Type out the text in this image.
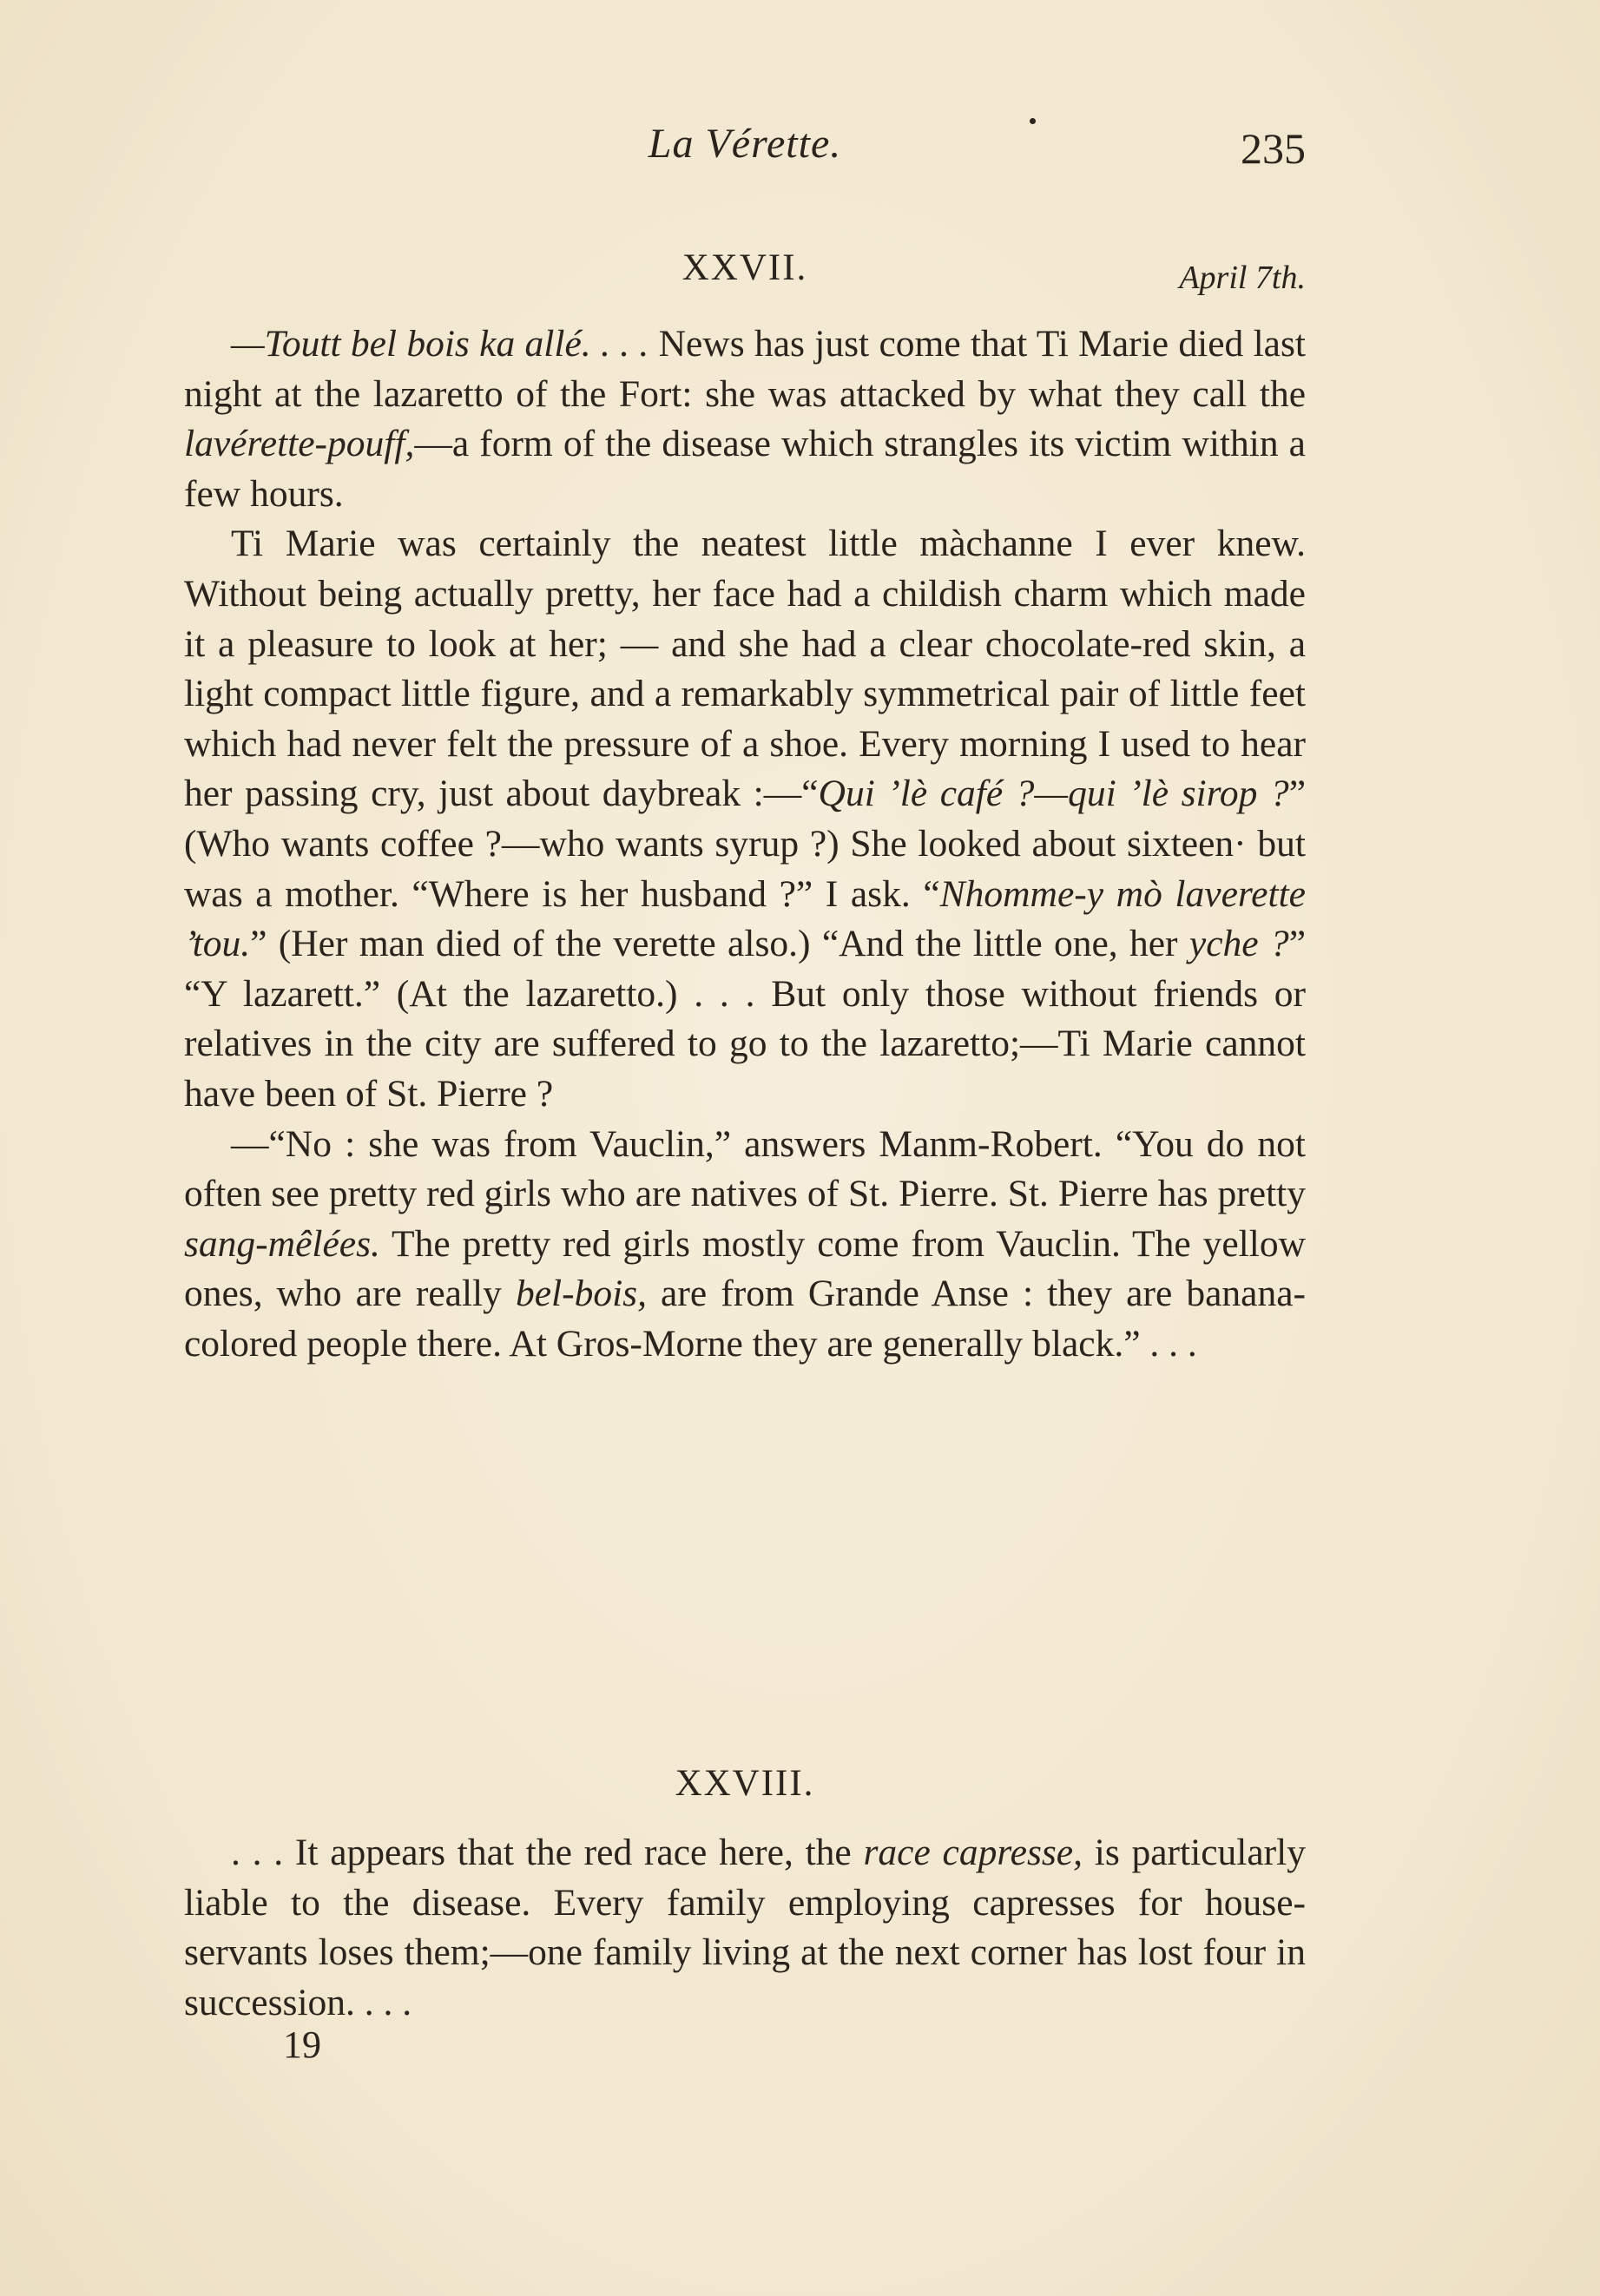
La Vérette.	235
XXVII.	April 7th.

—Toutt bel bois ka allé. . . . News has just come that Ti Marie died last night at the lazaretto of the Fort: she was attacked by what they call the lavérette-pouff,—a form of the disease which strangles its victim within a few hours.

Ti Marie was certainly the neatest little màchanne I ever knew. Without being actually pretty, her face had a childish charm which made it a pleasure to look at her; — and she had a clear chocolate-red skin, a light compact little figure, and a remarkably symmetrical pair of little feet which had never felt the pressure of a shoe. Every morning I used to hear her passing cry, just about daybreak :—“Qui ’lè café ?—qui ’lè sirop ?” (Who wants coffee ?—who wants syrup ?) She looked about sixteen· but was a mother. “Where is her husband ?” I ask. “Nhomme-y mò laverette ’tou.” (Her man died of the verette also.) “And the little one, her yche ?” “Y lazarett.” (At the lazaretto.) . . . But only those without friends or relatives in the city are suffered to go to the lazaretto;—Ti Marie cannot have been of St. Pierre ?

—“No : she was from Vauclin,” answers Manm-Robert. “You do not often see pretty red girls who are natives of St. Pierre. St. Pierre has pretty sang-mêlées. The pretty red girls mostly come from Vauclin. The yellow ones, who are really bel-bois, are from Grande Anse : they are banana-colored people there. At Gros-Morne they are generally black.” . . .

XXVIII.

. . . It appears that the red race here, the race capresse, is particularly liable to the disease. Every family employing capresses for house-servants loses them;—one family living at the next corner has lost four in succession. . . .

19
